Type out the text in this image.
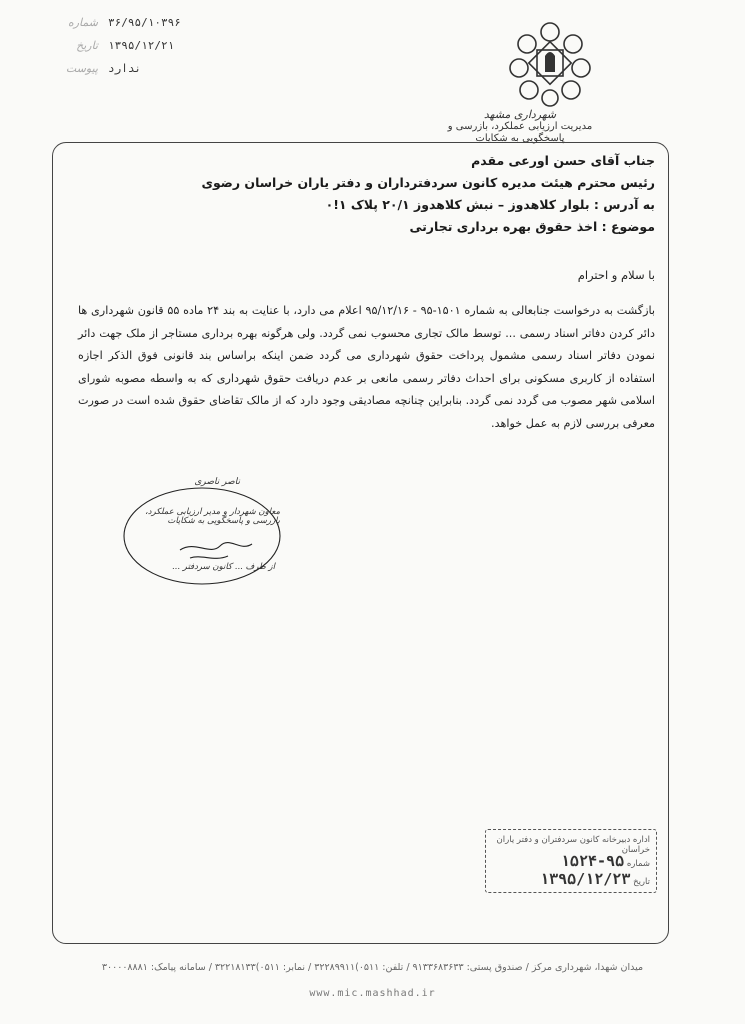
۳۶/۹۵/۱۰۳۹۶
شماره
۱۳۹۵/۱۲/۲۱
تاریخ
ندارد
پیوست
شهرداری مشهد
مدیریت ارزیابی عملکرد، بازرسی و پاسخگویی به شکایات
جناب آقای حسن اورعی مقدم
رئیس محترم هیئت مدیره کانون سردفترداران و دفتر یاران خراسان رضوی
به آدرس : بلوار کلاهدوز – نبش کلاهدوز ۲۰/۱ پلاک ۱!۰
موضوع : اخذ حقوق بهره برداری تجارتی
با سلام و احترام
بازگشت به درخواست جنابعالی به شماره ۱۵۰۱-۹۵ - ۹۵/۱۲/۱۶ اعلام می دارد، با عنایت به بند ۲۴ ماده ۵۵ قانون شهرداری ها دائر کردن دفاتر اسناد رسمی ... توسط مالک تجاری محسوب نمی گردد. ولی هرگونه بهره برداری مستاجر از ملک جهت دائر نمودن دفاتر اسناد رسمی مشمول پرداخت حقوق شهرداری می گردد ضمن اینکه براساس بند قانونی فوق الذکر اجازه استفاده از کاربری مسکونی برای احداث دفاتر رسمی مانعی بر عدم دریافت حقوق شهرداری که به واسطه مصوبه شورای اسلامی شهر مصوب می گردد نمی گردد. بنابراین چنانچه مصادیقی وجود دارد که از مالک تقاضای حقوق شده است در صورت معرفی بررسی لازم به عمل خواهد.
ناصر ناصری
معاون شهردار و مدیر ارزیابی عملکرد، بازرسی و پاسخگویی به شکایات
از طرف ... کانون سردفتر ...
اداره دبیرخانه کانون سردفتران و دفتر یاران خراسان
شماره ۹۵-۱۵۲۴
تاریخ ۱۳۹۵/۱۲/۲۳
میدان شهدا، شهرداری مرکز / صندوق پستی: ۹۱۳۳۶۸۳۶۳۳ / تلفن: ۰۵۱۱)۳۲۲۸۹۹۱۱ / نمابر: ۰۵۱۱)۳۲۲۱۸۱۳۳ / سامانه پیامک: ۳۰۰۰۰۸۸۸۱
www.mic.mashhad.ir
